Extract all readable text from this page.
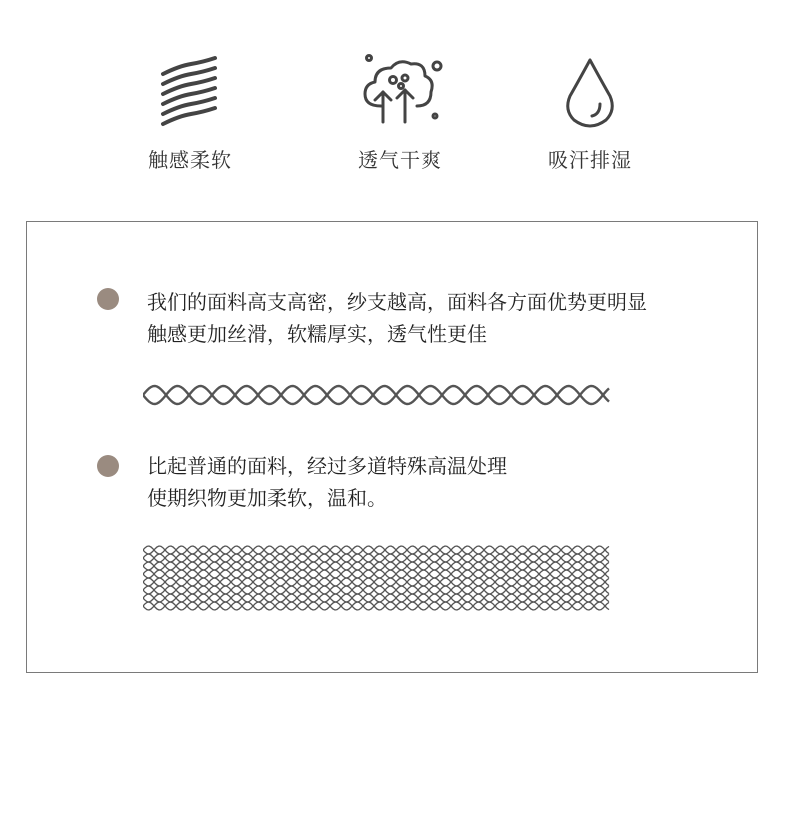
触感柔软	透气干爽	吸汗排湿
我们的面料高支高密，纱支越高，面料各方面优势更明显
触感更加丝滑，软糯厚实，透气性更佳
比起普通的面料，经过多道特殊高温处理
使期织物更加柔软，温和。
